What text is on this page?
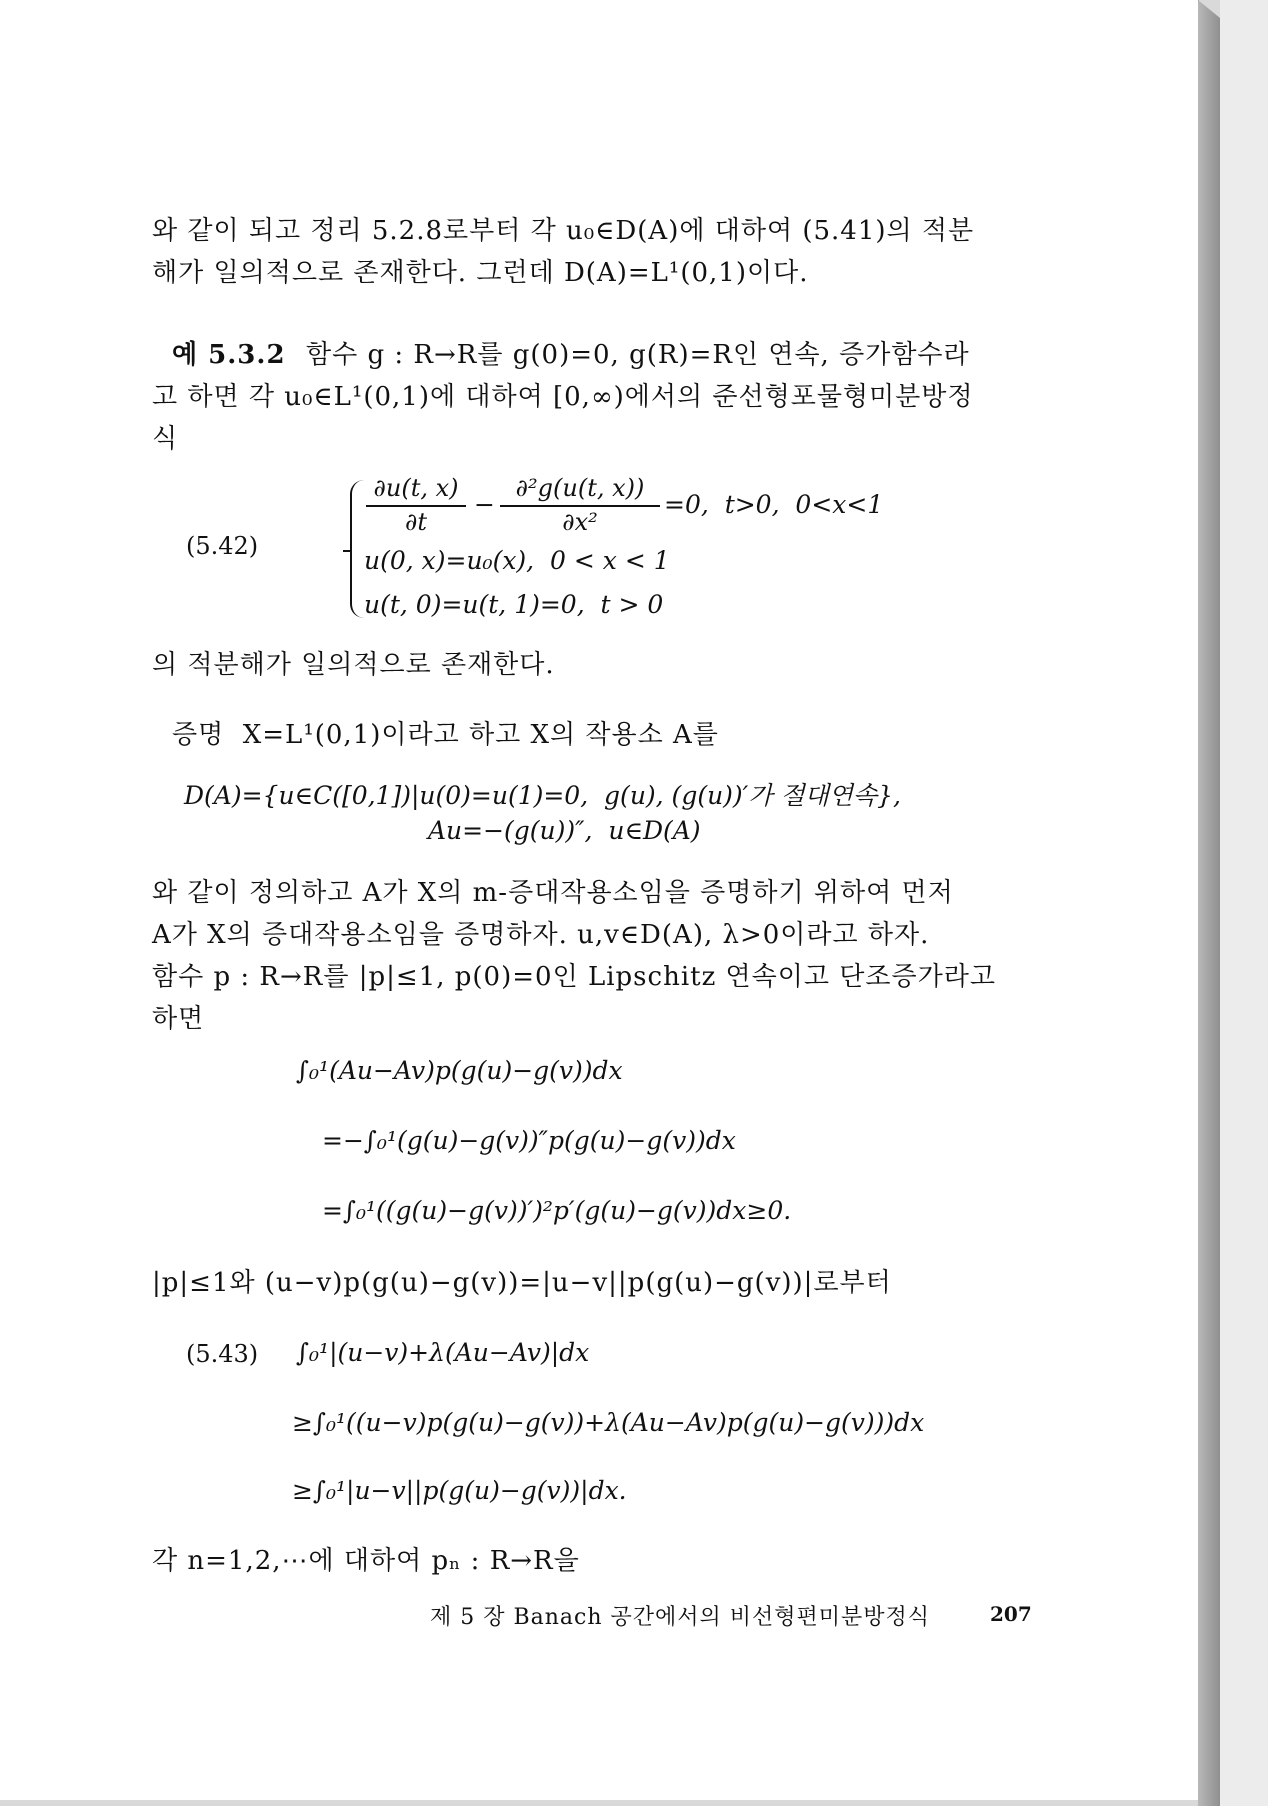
와 같이 되고 정리 5.2.8로부터 각 u₀∈D(A)에 대하여 (5.41)의 적분
해가 일의적으로 존재한다. 그런데 D(A)=L¹(0,1)이다.
예 5.3.2 함수 g : R→R를 g(0)=0, g(R)=R인 연속, 증가함수라
고 하면 각 u₀∈L¹(0,1)에 대하여 [0,∞)에서의 준선형포물형미분방정
식
(5.42)
∂u(t, x)
∂t
−
∂²g(u(t, x))
∂x²
=0,  t>0,  0<x<1
u(0, x)=u₀(x),  0 < x < 1
u(t, 0)=u(t, 1)=0,  t > 0
의 적분해가 일의적으로 존재한다.
증명  X=L¹(0,1)이라고 하고 X의 작용소 A를
D(A)={u∈C([0,1])|u(0)=u(1)=0,  g(u), (g(u))′가 절대연속},
Au=−(g(u))″,  u∈D(A)
와 같이 정의하고 A가 X의 m-증대작용소임을 증명하기 위하여 먼저
A가 X의 증대작용소임을 증명하자. u,v∈D(A), λ>0이라고 하자.
함수 p : R→R를 |p|≤1, p(0)=0인 Lipschitz 연속이고 단조증가라고
하면
∫₀¹(Au−Av)p(g(u)−g(v))dx
=−∫₀¹(g(u)−g(v))″p(g(u)−g(v))dx
=∫₀¹((g(u)−g(v))′)²p′(g(u)−g(v))dx≥0.
|p|≤1와 (u−v)p(g(u)−g(v))=|u−v||p(g(u)−g(v))|로부터
(5.43) ∫₀¹|(u−v)+λ(Au−Av)|dx
≥∫₀¹((u−v)p(g(u)−g(v))+λ(Au−Av)p(g(u)−g(v)))dx
≥∫₀¹|u−v||p(g(u)−g(v))|dx.
각 n=1,2,⋯에 대하여 pₙ : R→R을
제 5 장 Banach 공간에서의 비선형편미분방정식	207
